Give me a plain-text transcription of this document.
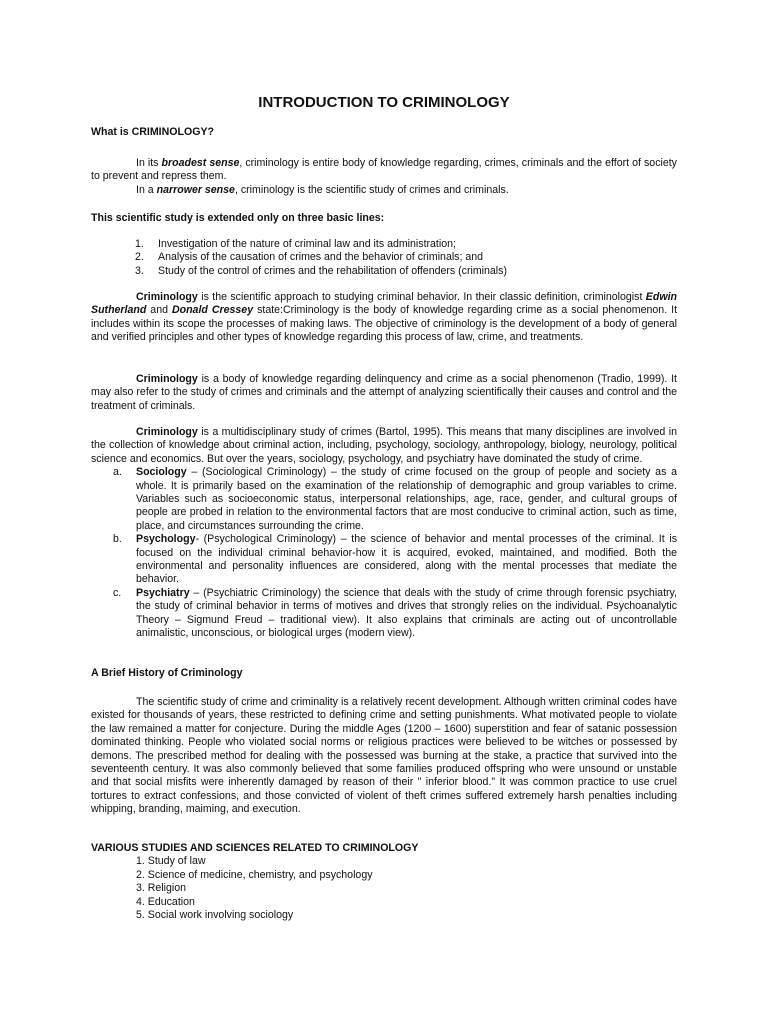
INTRODUCTION TO CRIMINOLOGY

What is CRIMINOLOGY?

In its broadest sense, criminology is entire body of knowledge regarding, crimes, criminals and the effort of society to prevent and repress them.

In a narrower sense, criminology is the scientific study of crimes and criminals.

This scientific study is extended only on three basic lines:

1. Investigation of the nature of criminal law and its administration;
2. Analysis of the causation of crimes and the behavior of criminals; and
3. Study of the control of crimes and the rehabilitation of offenders (criminals)

Criminology is the scientific approach to studying criminal behavior. In their classic definition, criminologist Edwin Sutherland and Donald Cressey state:Criminology is the body of knowledge regarding crime as a social phenomenon. It includes within its scope the processes of making laws. The objective of criminology is the development of a body of general and verified principles and other types of knowledge regarding this process of law, crime, and treatments.

Criminology is a body of knowledge regarding delinquency and crime as a social phenomenon (Tradio, 1999). It may also refer to the study of crimes and criminals and the attempt of analyzing scientifically their causes and control and the treatment of criminals.

Criminology is a multidisciplinary study of crimes (Bartol, 1995). This means that many disciplines are involved in the collection of knowledge about criminal action, including, psychology, sociology, anthropology, biology, neurology, political science and economics. But over the years, sociology, psychology, and psychiatry have dominated the study of crime.

a. Sociology – (Sociological Criminology) – the study of crime focused on the group of people and society as a whole. It is primarily based on the examination of the relationship of demographic and group variables to crime. Variables such as socioeconomic status, interpersonal relationships, age, race, gender, and cultural groups of people are probed in relation to the environmental factors that are most conducive to criminal action, such as time, place, and circumstances surrounding the crime.
b. Psychology- (Psychological Criminology) – the science of behavior and mental processes of the criminal. It is focused on the individual criminal behavior-how it is acquired, evoked, maintained, and modified. Both the environmental and personality influences are considered, along with the mental processes that mediate the behavior.
c. Psychiatry – (Psychiatric Criminology) the science that deals with the study of crime through forensic psychiatry, the study of criminal behavior in terms of motives and drives that strongly relies on the individual. Psychoanalytic Theory – Sigmund Freud – traditional view). It also explains that criminals are acting out of uncontrollable animalistic, unconscious, or biological urges (modern view).

A Brief History of Criminology

The scientific study of crime and criminality is a relatively recent development. Although written criminal codes have existed for thousands of years, these restricted to defining crime and setting punishments. What motivated people to violate the law remained a matter for conjecture. During the middle Ages (1200 – 1600) superstition and fear of satanic possession dominated thinking. People who violated social norms or religious practices were believed to be witches or possessed by demons. The prescribed method for dealing with the possessed was burning at the stake, a practice that survived into the seventeenth century. It was also commonly believed that some families produced offspring who were unsound or unstable and that social misfits were inherently damaged by reason of their " inferior blood." It was common practice to use cruel tortures to extract confessions, and those convicted of violent of theft crimes suffered extremely harsh penalties including whipping, branding, maiming, and execution.

VARIOUS STUDIES AND SCIENCES RELATED TO CRIMINOLOGY

1. Study of law
2. Science of medicine, chemistry, and psychology
3. Religion
4. Education
5. Social work involving sociology
